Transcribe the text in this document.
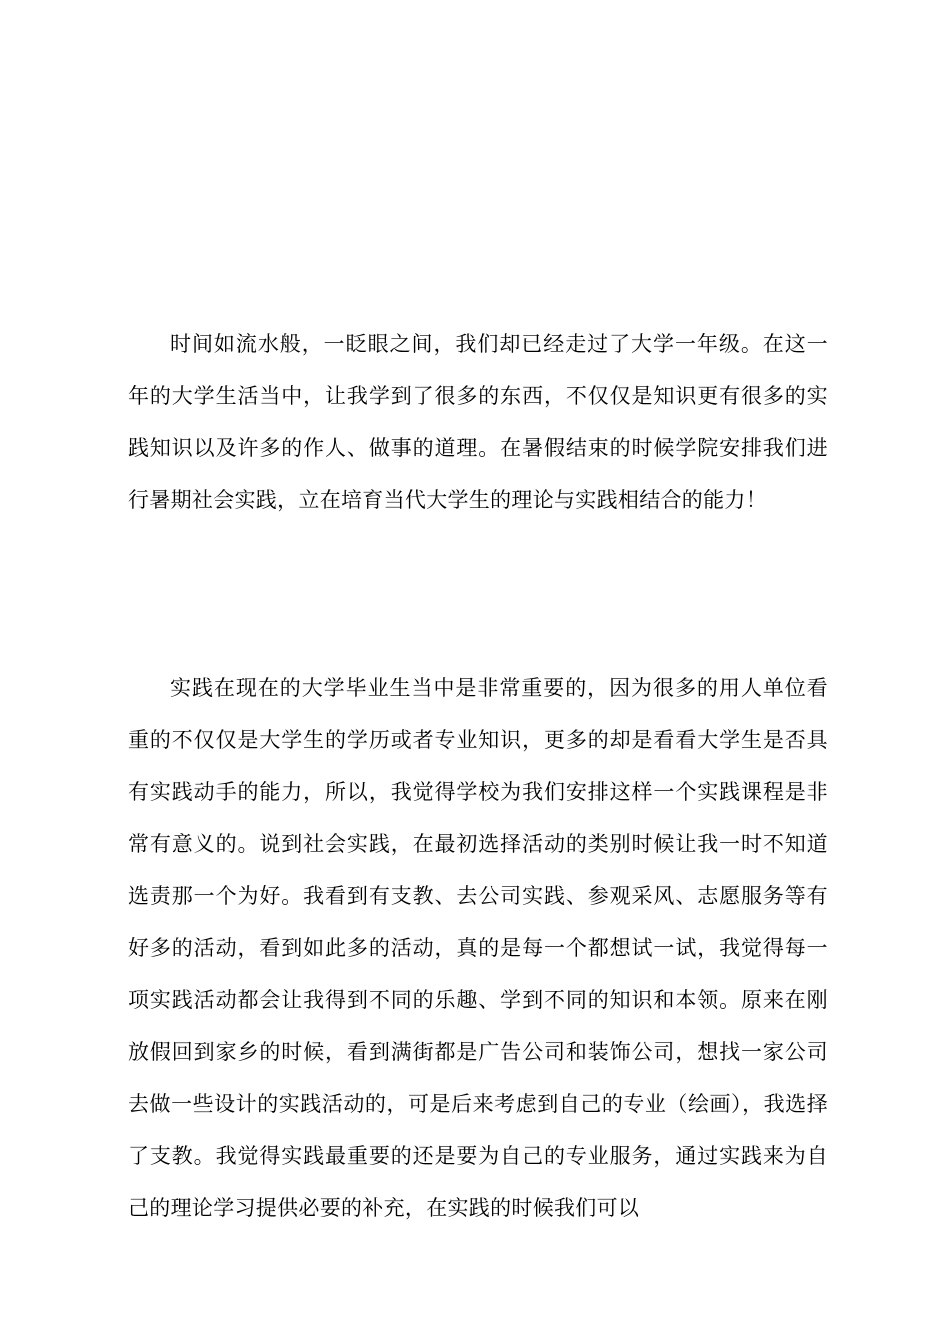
时间如流水般，一眨眼之间，我们却已经走过了大学一年级。在这一年的大学生活当中，让我学到了很多的东西，不仅仅是知识更有很多的实践知识以及许多的作人、做事的道理。在暑假结束的时候学院安排我们进行暑期社会实践，立在培育当代大学生的理论与实践相结合的能力！

实践在现在的大学毕业生当中是非常重要的，因为很多的用人单位看重的不仅仅是大学生的学历或者专业知识，更多的却是看看大学生是否具有实践动手的能力，所以，我觉得学校为我们安排这样一个实践课程是非常有意义的。说到社会实践，在最初选择活动的类别时候让我一时不知道选责那一个为好。我看到有支教、去公司实践、参观采风、志愿服务等有好多的活动，看到如此多的活动，真的是每一个都想试一试，我觉得每一项实践活动都会让我得到不同的乐趣、学到不同的知识和本领。原来在刚放假回到家乡的时候，看到满街都是广告公司和装饰公司，想找一家公司去做一些设计的实践活动的，可是后来考虑到自己的专业（绘画），我选择了支教。我觉得实践最重要的还是要为自己的专业服务，通过实践来为自己的理论学习提供必要的补充，在实践的时候我们可以
